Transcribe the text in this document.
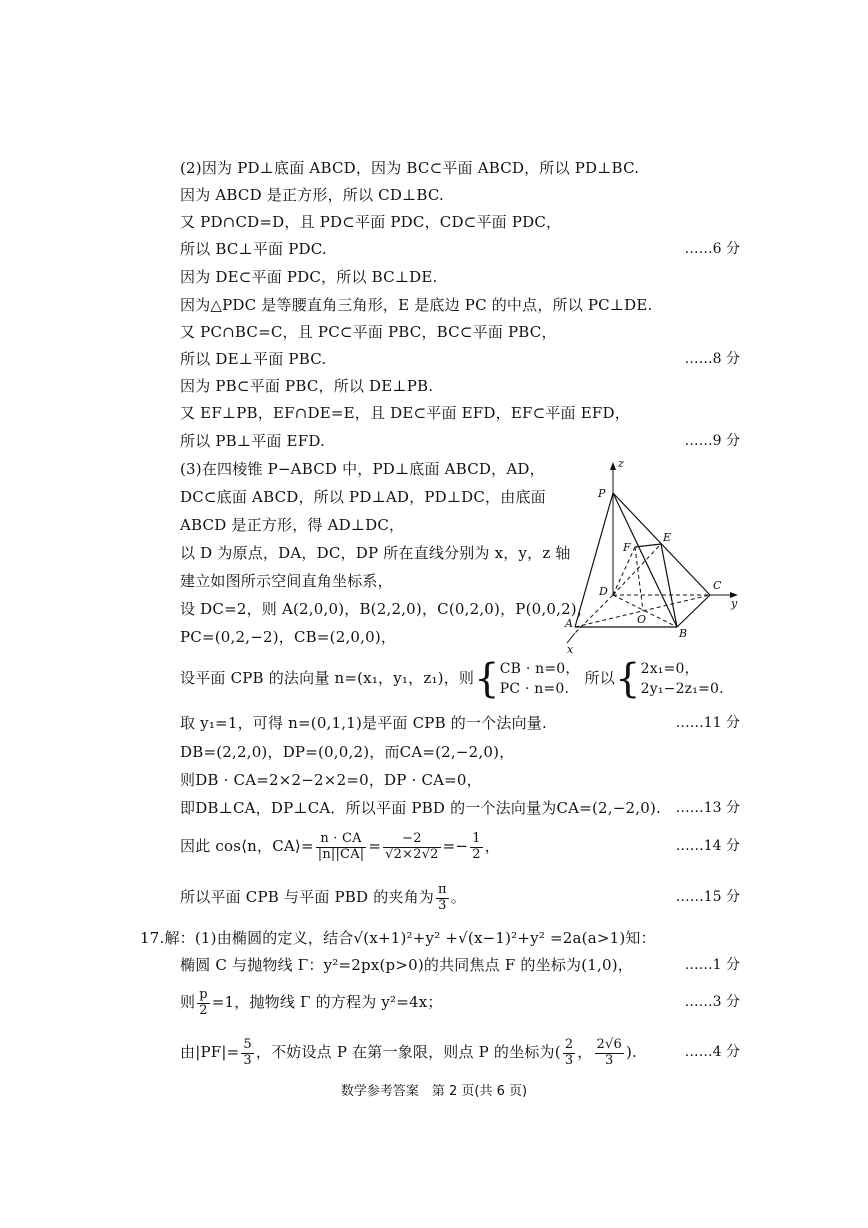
(2)因为 PD⊥底面 ABCD，因为 BC⊂平面 ABCD，所以 PD⊥BC.
因为 ABCD 是正方形，所以 CD⊥BC.
又 PD∩CD=D，且 PD⊂平面 PDC，CD⊂平面 PDC，
所以 BC⊥平面 PDC.	……6 分
因为 DE⊂平面 PDC，所以 BC⊥DE.
因为△PDC 是等腰直角三角形，E 是底边 PC 的中点，所以 PC⊥DE.
又 PC∩BC=C，且 PC⊂平面 PBC，BC⊂平面 PBC，
所以 DE⊥平面 PBC.	……8 分
因为 PB⊂平面 PBC，所以 DE⊥PB.
又 EF⊥PB，EF∩DE=E，且 DE⊂平面 EFD，EF⊂平面 EFD，
所以 PB⊥平面 EFD.	……9 分
(3)在四棱锥 P−ABCD 中，PD⊥底面 ABCD，AD，
DC⊂底面 ABCD，所以 PD⊥AD，PD⊥DC，由底面
ABCD 是正方形，得 AD⊥DC，
以 D 为原点，DA，DC，DP 所在直线分别为 x，y，z 轴
建立如图所示空间直角坐标系，
设 DC=2，则 A(2,0,0)，B(2,2,0)，C(0,2,0)，P(0,0,2)，
PC=(0,2,−2)，CB=(2,0,0)，
设平面 CPB 的法向量 n=(x₁，y₁，z₁)，则{ CB · n=0，
PC · n=0.
所以{ 2x₁=0，
2y₁−2z₁=0.
取 y₁=1，可得 n=(0,1,1)是平面 CPB 的一个法向量.	……11 分
DB=(2,2,0)，DP=(0,0,2)，而CA=(2,−2,0)，
则DB · CA=2×2−2×2=0，DP · CA=0，
即DB⊥CA，DP⊥CA．所以平面 PBD 的一个法向量为CA=(2,−2,0). ……13 分
因此 cos⟨n，CA⟩= $\frac{n \cdot CA}{|n||CA|} = \frac{-2}{√2\times 2√2} =- \frac{1}{2}$ ，	……14 分
所以平面 CPB 与平面 PBD 的夹角为 $\frac{\pi}{3}$ 。	……15 分
17.解：(1)由椭圆的定义，结合√(x+1)²+y² +√(x−1)²+y² =2a(a>1)知：
椭圆 C 与抛物线 Γ：y²=2px(p>0)的共同焦点 F 的坐标为(1,0)，	……1 分
则 $\frac{p}{2} =1$，抛物线 Γ 的方程为 y²=4x；	……3 分
由$|PF|= \frac{5}{3}$ ，不妨设点 P 在第一象限，则点 P 的坐标为( $\frac{2}{3}$ ， $\frac{2√6}{3}$ ).	……4 分
z
y
x
P
E
F
D	C
A	O
B
数学参考答案　第 2 页(共 6 页)
